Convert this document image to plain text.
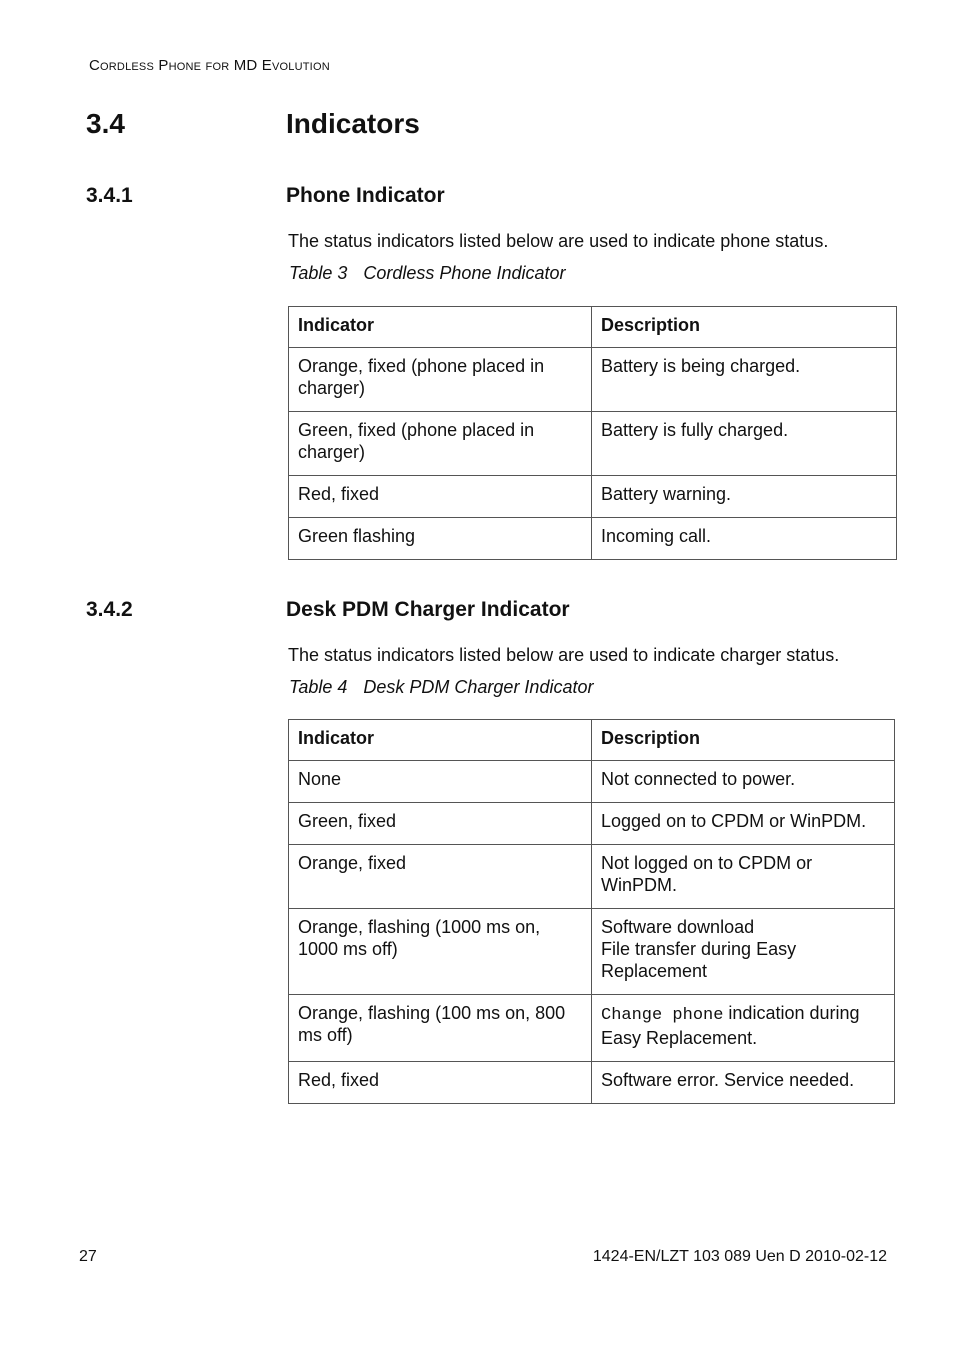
Cordless Phone for MD Evolution
3.4	Indicators
3.4.1	Phone Indicator
The status indicators listed below are used to indicate phone status.
Table 3 Cordless Phone Indicator
Indicator	Description
Orange, fixed (phone placed in charger)	Battery is being charged.
Green, fixed (phone placed in charger)	Battery is fully charged.
Red, fixed	Battery warning.
Green flashing	Incoming call.
3.4.2	Desk PDM Charger Indicator
The status indicators listed below are used to indicate charger status.
Table 4 Desk PDM Charger Indicator
Indicator	Description
None	Not connected to power.
Green, fixed	Logged on to CPDM or WinPDM.
Orange, fixed	Not logged on to CPDM or WinPDM.
Orange, flashing (1000 ms on, 1000 ms off)	Software download
File transfer during Easy Replacement

Orange, flashing (100 ms on, 800 ms off)	Change phone indication during Easy Replacement.
Red, fixed	Software error. Service needed.
27	1424-EN/LZT 103 089 Uen D 2010-02-12
